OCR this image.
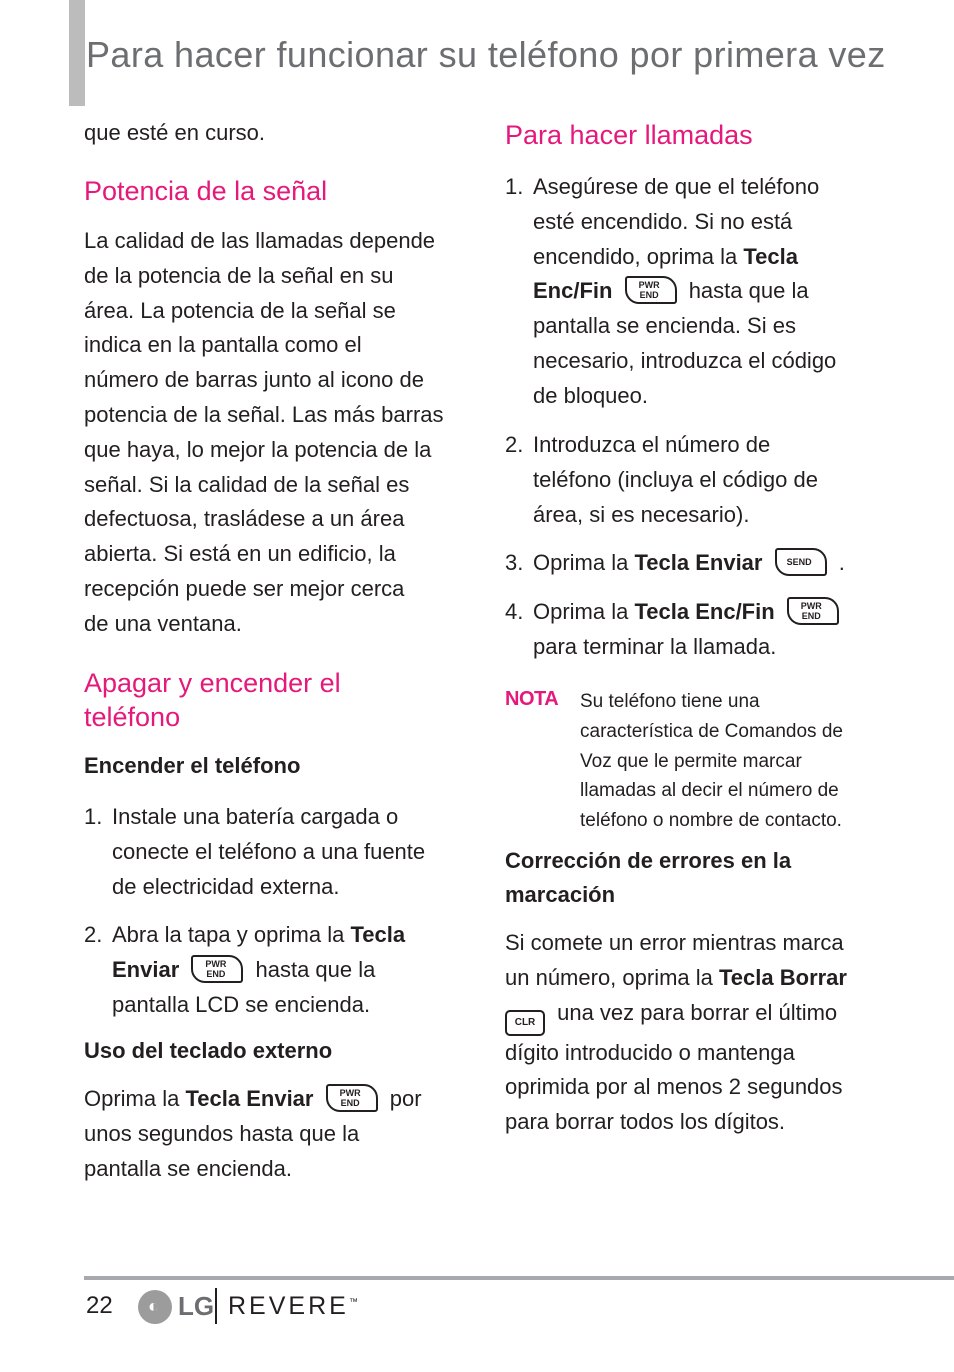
Para hacer funcionar su teléfono por primera vez

que esté en curso.

Potencia de la señal
La calidad de las llamadas depende
de la potencia de la señal en su
área. La potencia de la señal se
indica en la pantalla como el
número de barras junto al icono de
potencia de la señal. Las más barras
que haya, lo mejor la potencia de la
señal. Si la calidad de la señal es
defectuosa, trasládese a un área
abierta. Si está en un edificio, la
recepción puede ser mejor cerca
de una ventana.
Apagar y encender el
teléfono
Encender el teléfono
1. Instale una batería cargada o
conecte el teléfono a una fuente
de electricidad externa.
2. Abra la tapa y oprima la Tecla
Enviar	PWR
END hasta que la
pantalla LCD se encienda.
Uso del teclado externo
Oprima la Tecla Enviar	PWR
END por
unos segundos hasta que la
pantalla se encienda.
Para hacer llamadas
1. Asegúrese de que el teléfono
esté encendido. Si no está
encendido, oprima la Tecla
Enc/Fin	PWR
END hasta que la
pantalla se encienda. Si es
necesario, introduzca el código
de bloqueo.
2. Introduzca el número de
teléfono (incluya el código de
área, si es necesario).
3. Oprima la Tecla Enviar	SEND .
4. Oprima la Tecla Enc/Fin	PWR
END
para terminar la llamada.
NOTA Su teléfono tiene una
característica de Comandos de
Voz que le permite marcar
llamadas al decir el número de
teléfono o nombre de contacto.
Corrección de errores en la
marcación
Si comete un error mientras marca
un número, oprima la Tecla Borrar
CLR una vez para borrar el último
dígito introducido o mantenga
oprimida por al menos 2 segundos
para borrar todos los dígitos.
22 ◐ LG REVERE™
